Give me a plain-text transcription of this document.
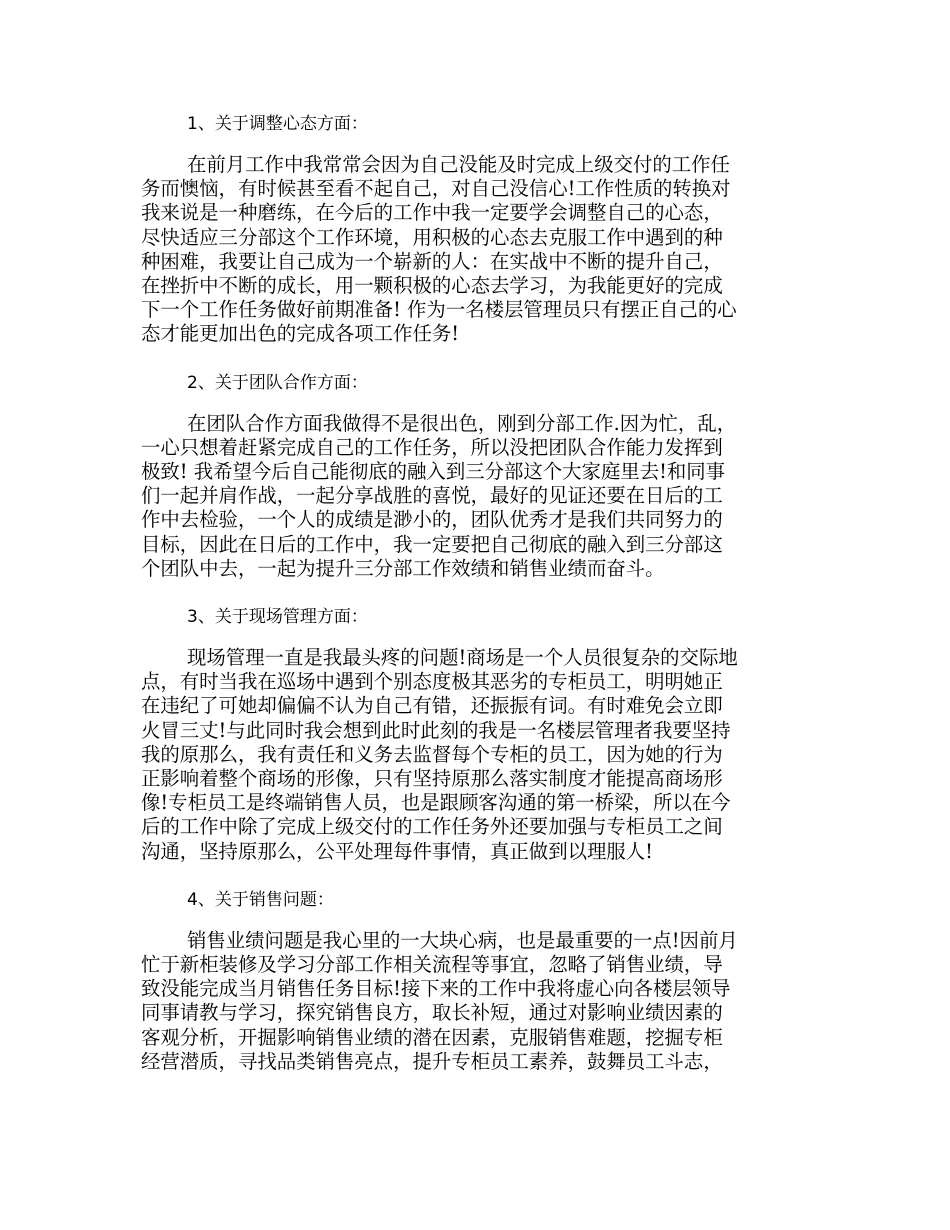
1、关于调整心态方面：

在前月工作中我常常会因为自己没能及时完成上级交付的工作任
务而懊恼，有时候甚至看不起自己，对自己没信心!工作性质的转换对
我来说是一种磨练，在今后的工作中我一定要学会调整自己的心态，
尽快适应三分部这个工作环境，用积极的心态去克服工作中遇到的种
种困难，我要让自己成为一个崭新的人：在实战中不断的提升自己，
在挫折中不断的成长，用一颗积极的心态去学习，为我能更好的完成
下一个工作任务做好前期准备! 作为一名楼层管理员只有摆正自己的心
态才能更加出色的完成各项工作任务!

2、关于团队合作方面：

在团队合作方面我做得不是很出色，刚到分部工作.因为忙，乱，
一心只想着赶紧完成自己的工作任务，所以没把团队合作能力发挥到
极致! 我希望今后自己能彻底的融入到三分部这个大家庭里去!和同事
们一起并肩作战，一起分享战胜的喜悦，最好的见证还要在日后的工
作中去检验，一个人的成绩是渺小的，团队优秀才是我们共同努力的
目标，因此在日后的工作中，我一定要把自己彻底的融入到三分部这
个团队中去，一起为提升三分部工作效绩和销售业绩而奋斗。

3、关于现场管理方面：

现场管理一直是我最头疼的问题!商场是一个人员很复杂的交际地
点，有时当我在巡场中遇到个别态度极其恶劣的专柜员工，明明她正
在违纪了可她却偏偏不认为自己有错，还振振有词。有时难免会立即
火冒三丈!与此同时我会想到此时此刻的我是一名楼层管理者我要坚持
我的原那么，我有责任和义务去监督每个专柜的员工，因为她的行为
正影响着整个商场的形像，只有坚持原那么落实制度才能提高商场形
像!专柜员工是终端销售人员，也是跟顾客沟通的第一桥梁，所以在今
后的工作中除了完成上级交付的工作任务外还要加强与专柜员工之间
沟通，坚持原那么，公平处理每件事情，真正做到以理服人!

4、关于销售问题：

销售业绩问题是我心里的一大块心病，也是最重要的一点!因前月
忙于新柜装修及学习分部工作相关流程等事宜，忽略了销售业绩，导
致没能完成当月销售任务目标!接下来的工作中我将虚心向各楼层领导
同事请教与学习，探究销售良方，取长补短，通过对影响业绩因素的
客观分析，开掘影响销售业绩的潜在因素，克服销售难题，挖掘专柜
经营潜质，寻找品类销售亮点，提升专柜员工素养，鼓舞员工斗志，
